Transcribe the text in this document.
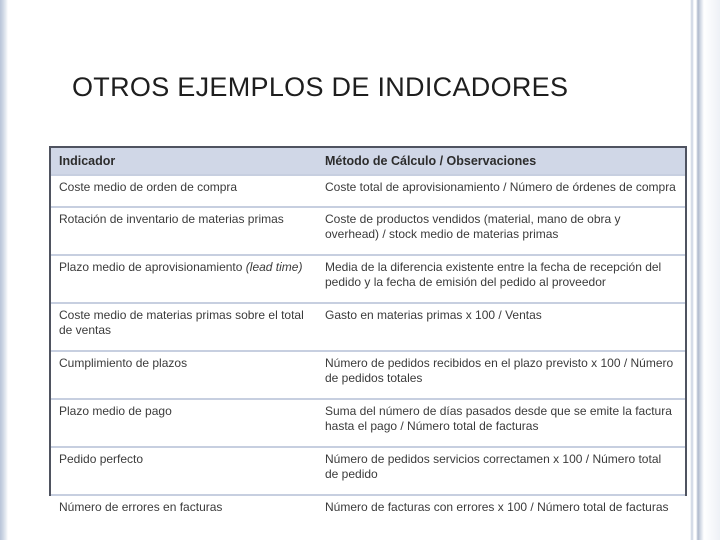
OTROS EJEMPLOS DE INDICADORES
Indicador	Método de Cálculo / Observaciones
Coste medio de orden de compra	Coste total de aprovisionamiento / Número de órdenes de compra
Rotación de inventario de materias primas	Coste de productos vendidos (material, mano de obra y overhead) / stock medio de materias primas
Plazo medio de aprovisionamiento (lead time)	Media de la diferencia existente entre la fecha de recepción del pedido y la fecha de emisión del pedido al proveedor
Coste medio de materias primas sobre el total de ventas	Gasto en materias primas x 100 / Ventas
Cumplimiento de plazos	Número de pedidos recibidos en el plazo previsto x 100 / Número de pedidos totales
Plazo medio de pago	Suma del número de días pasados desde que se emite la factura hasta el pago / Número total de facturas
Pedido perfecto	Número de pedidos servicios correctamen x 100 / Número total de pedido
Número de errores en facturas	Número de facturas con errores x 100 / Número total de facturas
